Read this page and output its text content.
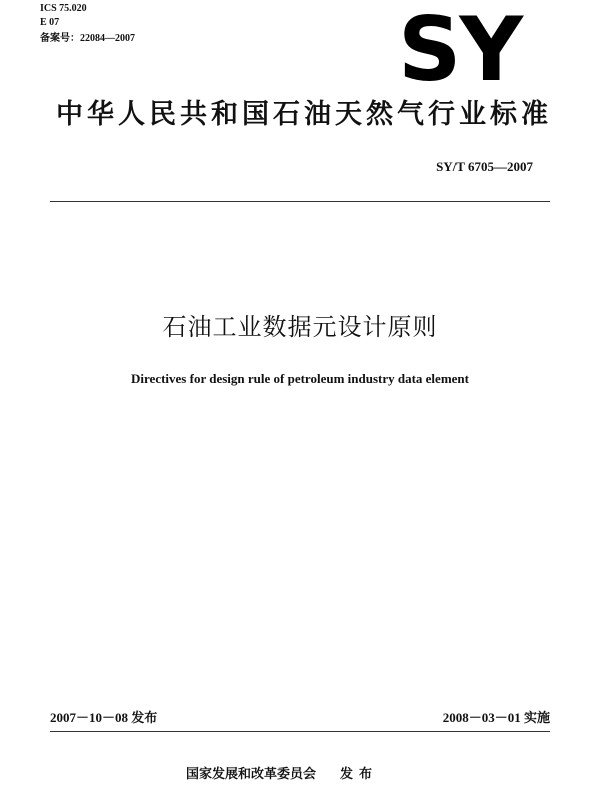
ICS 75.020
E 07
备案号：22084—2007	SY
中华人民共和国石油天然气行业标准
SY/T 6705—2007
石油工业数据元设计原则
Directives for design rule of petroleum industry data element
2007－10－08 发布	2008－03－01 实施
国家发展和改革委员会 发布
